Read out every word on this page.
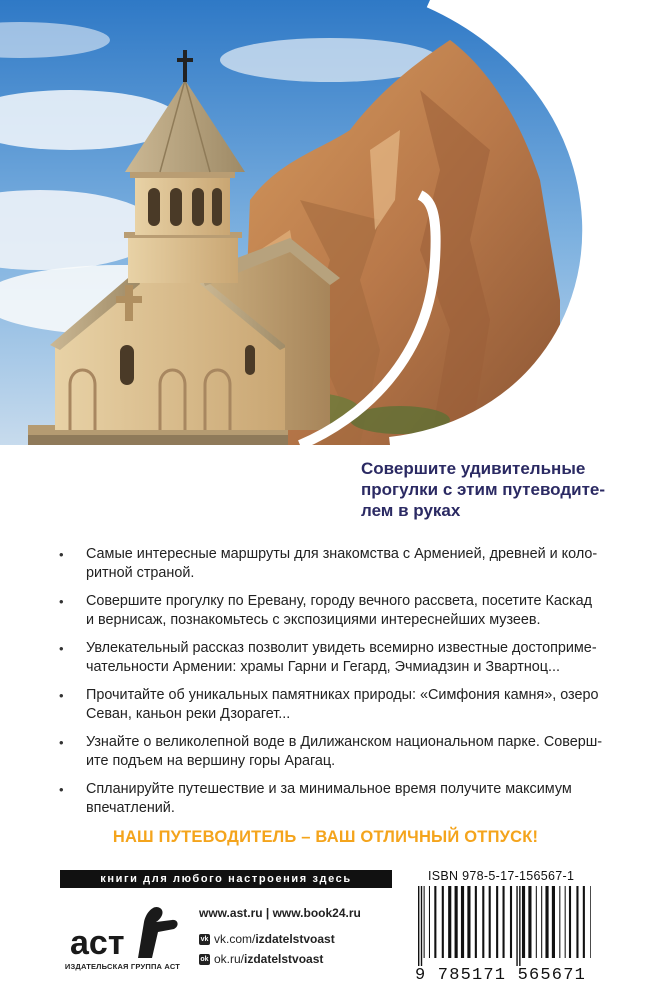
Совершите удивительные
прогулки с этим путеводите-
лем в руках
• Самые интересные маршруты для знакомства с Арменией, древней и коло-
ритной страной.
• Совершите прогулку по Еревану, городу вечного рассвета, посетите Каскад
и вернисаж, познакомьтесь с экспозициями интереснейших музеев.
• Увлекательный рассказ позволит увидеть всемирно известные достоприме-
чательности Армении: храмы Гарни и Гегард, Эчмиадзин и Звартноц...
• Прочитайте об уникальных памятниках природы: «Симфония камня», озеро
Севан, каньон реки Дзорагет...
• Узнайте о великолепной воде в Дилижанском национальном парке. Соверш-
ите подъем на вершину горы Арагац.
• Спланируйте путешествие и за минимальное время получите максимум
впечатлений.
НАШ ПУТЕВОДИТЕЛЬ – ВАШ ОТЛИЧНЫЙ ОТПУСК!
книги для любого настроения здесь
аст
ИЗДАТЕЛЬСКАЯ ГРУППА АСТ
www.ast.ru | www.book24.ru
vk vk.com/ izdatelstvoast
ok ok.ru/ izdatelstvoast
ISBN 978-5-17-156567-1
9 785171 565671
